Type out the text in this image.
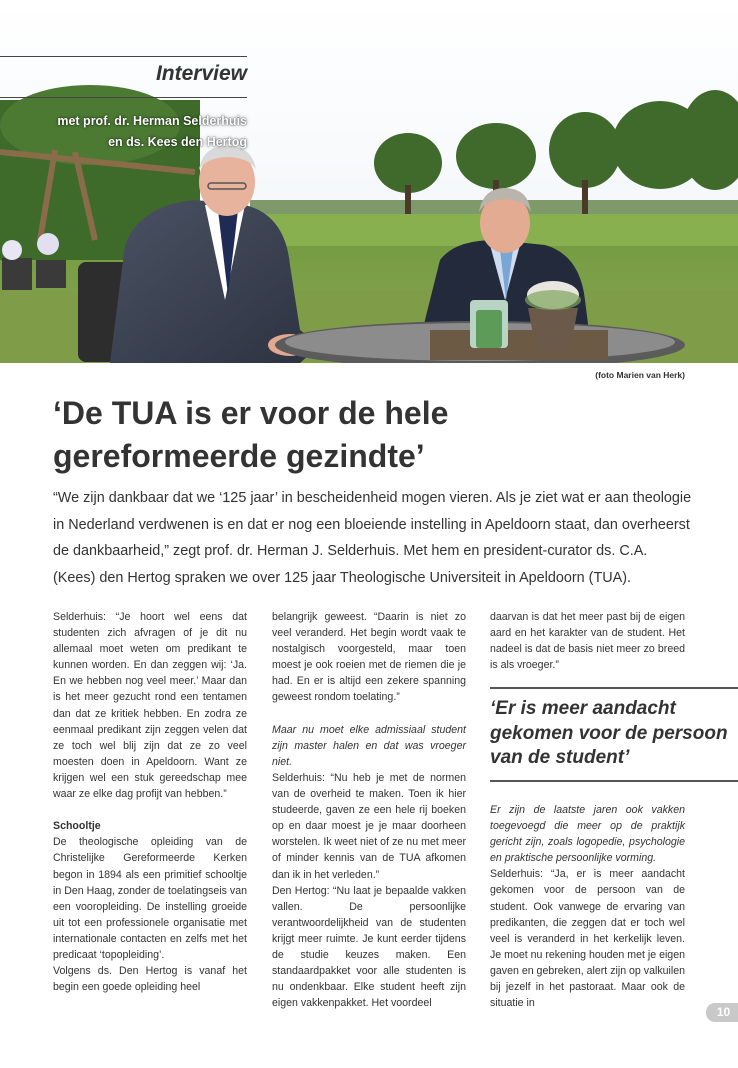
Interview
met prof. dr. Herman Selderhuis
en ds. Kees den Hertog
(foto Marien van Herk)
‘De TUA is er voor de hele
gereformeerde gezindte’
“We zijn dankbaar dat we ‘125 jaar’ in bescheidenheid mogen vieren. Als je ziet wat er aan theologie in Nederland verdwenen is en dat er nog een bloeiende instelling in Apeldoorn staat, dan overheerst de dankbaarheid,” zegt prof. dr. Herman J. Selderhuis. Met hem en president-curator ds. C.A. (Kees) den Hertog spraken we over 125 jaar Theologische Universiteit in Apeldoorn (TUA).

Selderhuis: “Je hoort wel eens dat studenten zich afvragen of je dit nu allemaal moet weten om predikant te kunnen worden. En dan zeggen wij: ‘Ja. En we hebben nog veel meer.’ Maar dan is het meer gezucht rond een tentamen dan dat ze kritiek hebben. En zodra ze eenmaal predikant zijn zeggen velen dat ze toch wel blij zijn dat ze zo veel moesten doen in Apeldoorn. Want ze krijgen wel een stuk gereedschap mee waar ze elke dag profijt van hebben.”

Schooltje

De theologische opleiding van de Christelijke Gereformeerde Kerken begon in 1894 als een primitief schooltje in Den Haag, zonder de toelatingseis van een vooropleiding. De instelling groeide uit tot een professionele organisatie met internationale contacten en zelfs met het predicaat ‘topopleiding’.

Volgens ds. Den Hertog is vanaf het begin een goede opleiding heel

belangrijk geweest. “Daarin is niet zo veel veranderd. Het begin wordt vaak te nostalgisch voorgesteld, maar toen moest je ook roeien met de riemen die je had. En er is altijd een zekere spanning geweest rondom toelating.”

Maar nu moet elke admissiaal student zijn master halen en dat was vroeger niet.

Selderhuis: “Nu heb je met de normen van de overheid te maken. Toen ik hier studeerde, gaven ze een hele rij boeken op en daar moest je je maar doorheen worstelen. Ik weet niet of ze nu met meer of minder kennis van de TUA afkomen dan ik in het verleden.”

Den Hertog: “Nu laat je bepaalde vakken vallen. De persoonlijke verantwoordelijkheid van de studenten krijgt meer ruimte. Je kunt eerder tijdens de studie keuzes maken. Een standaardpakket voor alle studenten is nu ondenkbaar. Elke student heeft zijn eigen vakkenpakket. Het voordeel

daarvan is dat het meer past bij de eigen aard en het karakter van de student. Het nadeel is dat de basis niet meer zo breed is als vroeger.”

‘Er is meer aandacht gekomen voor de persoon van de student’

Er zijn de laatste jaren ook vakken toegevoegd die meer op de praktijk gericht zijn, zoals logopedie, psychologie en praktische persoonlijke vorming.

Selderhuis: “Ja, er is meer aandacht gekomen voor de persoon van de student. Ook vanwege de ervaring van predikanten, die zeggen dat er toch wel veel is veranderd in het kerkelijk leven. Je moet nu rekening houden met je eigen gaven en gebreken, alert zijn op valkuilen bij jezelf in het pastoraat. Maar ook de situatie in

10
